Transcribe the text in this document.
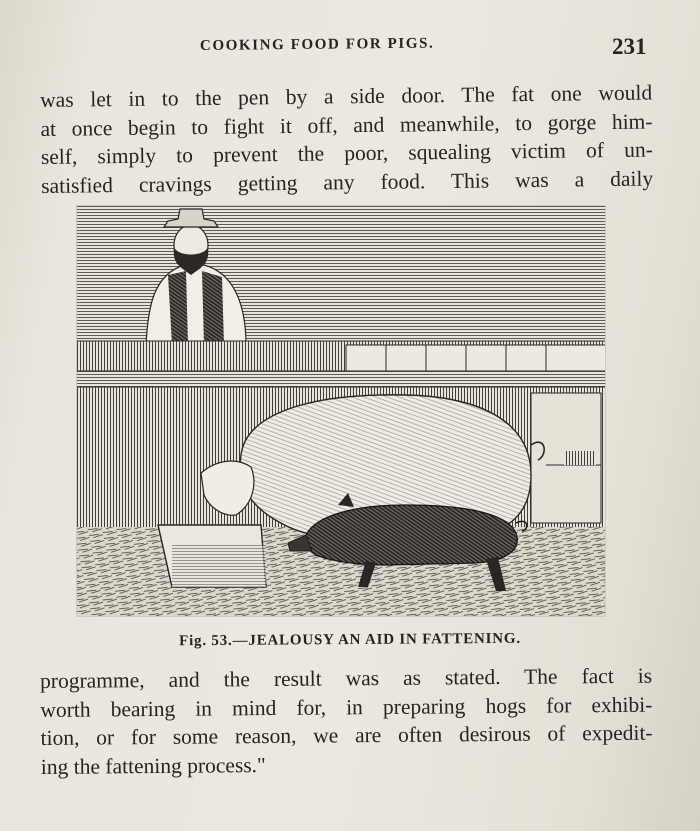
COOKING FOOD FOR PIGS.	231
was let in to the pen by a side door. The fat one would
at once begin to fight it off, and meanwhile, to gorge him-
self, simply to prevent the poor, squealing victim of un-
satisfied cravings getting any food. This was a daily
Fig. 53.—JEALOUSY AN AID IN FATTENING.
programme, and the result was as stated. The fact is
worth bearing in mind for, in preparing hogs for exhibi-
tion, or for some reason, we are often desirous of expedit-
ing the fattening process."
